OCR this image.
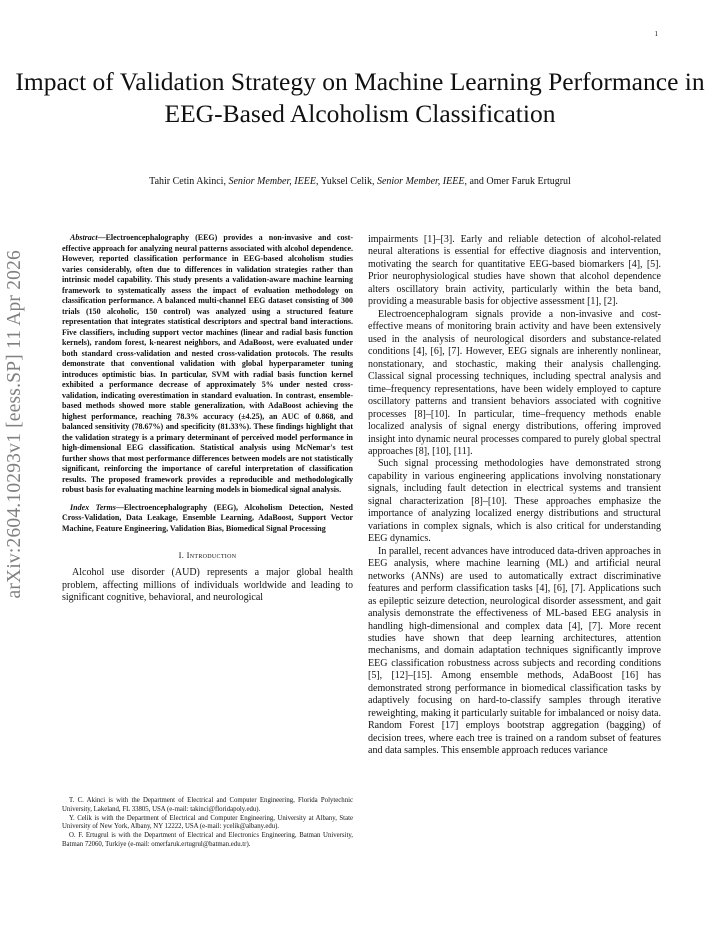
1
arXiv:2604.10293v1 [eess.SP] 11 Apr 2026
Impact of Validation Strategy on Machine Learning Performance in EEG-Based Alcoholism Classification
Tahir Cetin Akinci, Senior Member, IEEE, Yuksel Celik, Senior Member, IEEE, and Omer Faruk Ertugrul

Abstract—Electroencephalography (EEG) provides a non-invasive and cost-effective approach for analyzing neural patterns associated with alcohol dependence. However, reported classification performance in EEG-based alcoholism studies varies considerably, often due to differences in validation strategies rather than intrinsic model capability. This study presents a validation-aware machine learning framework to systematically assess the impact of evaluation methodology on classification performance. A balanced multi-channel EEG dataset consisting of 300 trials (150 alcoholic, 150 control) was analyzed using a structured feature representation that integrates statistical descriptors and spectral band interactions. Five classifiers, including support vector machines (linear and radial basis function kernels), random forest, k-nearest neighbors, and AdaBoost, were evaluated under both standard cross-validation and nested cross-validation protocols. The results demonstrate that conventional validation with global hyperparameter tuning introduces optimistic bias. In particular, SVM with radial basis function kernel exhibited a performance decrease of approximately 5% under nested cross-validation, indicating overestimation in standard evaluation. In contrast, ensemble-based methods showed more stable generalization, with AdaBoost achieving the highest performance, reaching 78.3% accuracy (±4.25), an AUC of 0.868, and balanced sensitivity (78.67%) and specificity (81.33%). These findings highlight that the validation strategy is a primary determinant of perceived model performance in high-dimensional EEG classification. Statistical analysis using McNemar's test further shows that most performance differences between models are not statistically significant, reinforcing the importance of careful interpretation of classification results. The proposed framework provides a reproducible and methodologically robust basis for evaluating machine learning models in biomedical signal analysis.

Index Terms—Electroencephalography (EEG), Alcoholism Detection, Nested Cross-Validation, Data Leakage, Ensemble Learning, AdaBoost, Support Vector Machine, Feature Engineering, Validation Bias, Biomedical Signal Processing

I. Introduction

Alcohol use disorder (AUD) represents a major global health problem, affecting millions of individuals worldwide and leading to significant cognitive, behavioral, and neurological

T. C. Akinci is with the Department of Electrical and Computer Engineering, Florida Polytechnic University, Lakeland, FL 33805, USA (e-mail: takinci@floridapoly.edu).

Y. Celik is with the Department of Electrical and Computer Engineering, University at Albany, State University of New York, Albany, NY 12222, USA (e-mail: ycelik@albany.edu).

O. F. Ertugrul is with the Department of Electrical and Electronics Engineering, Batman University, Batman 72060, Turkiye (e-mail: omerfaruk.ertugrul@batman.edu.tr).

impairments [1]–[3]. Early and reliable detection of alcohol-related neural alterations is essential for effective diagnosis and intervention, motivating the search for quantitative EEG-based biomarkers [4], [5]. Prior neurophysiological studies have shown that alcohol dependence alters oscillatory brain activity, particularly within the beta band, providing a measurable basis for objective assessment [1], [2].

Electroencephalogram signals provide a non-invasive and cost-effective means of monitoring brain activity and have been extensively used in the analysis of neurological disorders and substance-related conditions [4], [6], [7]. However, EEG signals are inherently nonlinear, nonstationary, and stochastic, making their analysis challenging. Classical signal processing techniques, including spectral analysis and time–frequency representations, have been widely employed to capture oscillatory patterns and transient behaviors associated with cognitive processes [8]–[10]. In particular, time–frequency methods enable localized analysis of signal energy distributions, offering improved insight into dynamic neural processes compared to purely global spectral approaches [8], [10], [11].

Such signal processing methodologies have demonstrated strong capability in various engineering applications involving nonstationary signals, including fault detection in electrical systems and transient signal characterization [8]–[10]. These approaches emphasize the importance of analyzing localized energy distributions and structural variations in complex signals, which is also critical for understanding EEG dynamics.

In parallel, recent advances have introduced data-driven approaches in EEG analysis, where machine learning (ML) and artificial neural networks (ANNs) are used to automatically extract discriminative features and perform classification tasks [4], [6], [7]. Applications such as epileptic seizure detection, neurological disorder assessment, and gait analysis demonstrate the effectiveness of ML-based EEG analysis in handling high-dimensional and complex data [4], [7]. More recent studies have shown that deep learning architectures, attention mechanisms, and domain adaptation techniques significantly improve EEG classification robustness across subjects and recording conditions [5], [12]–[15]. Among ensemble methods, AdaBoost [16] has demonstrated strong performance in biomedical classification tasks by adaptively focusing on hard-to-classify samples through iterative reweighting, making it particularly suitable for imbalanced or noisy data. Random Forest [17] employs bootstrap aggregation (bagging) of decision trees, where each tree is trained on a random subset of features and data samples. This ensemble approach reduces variance
